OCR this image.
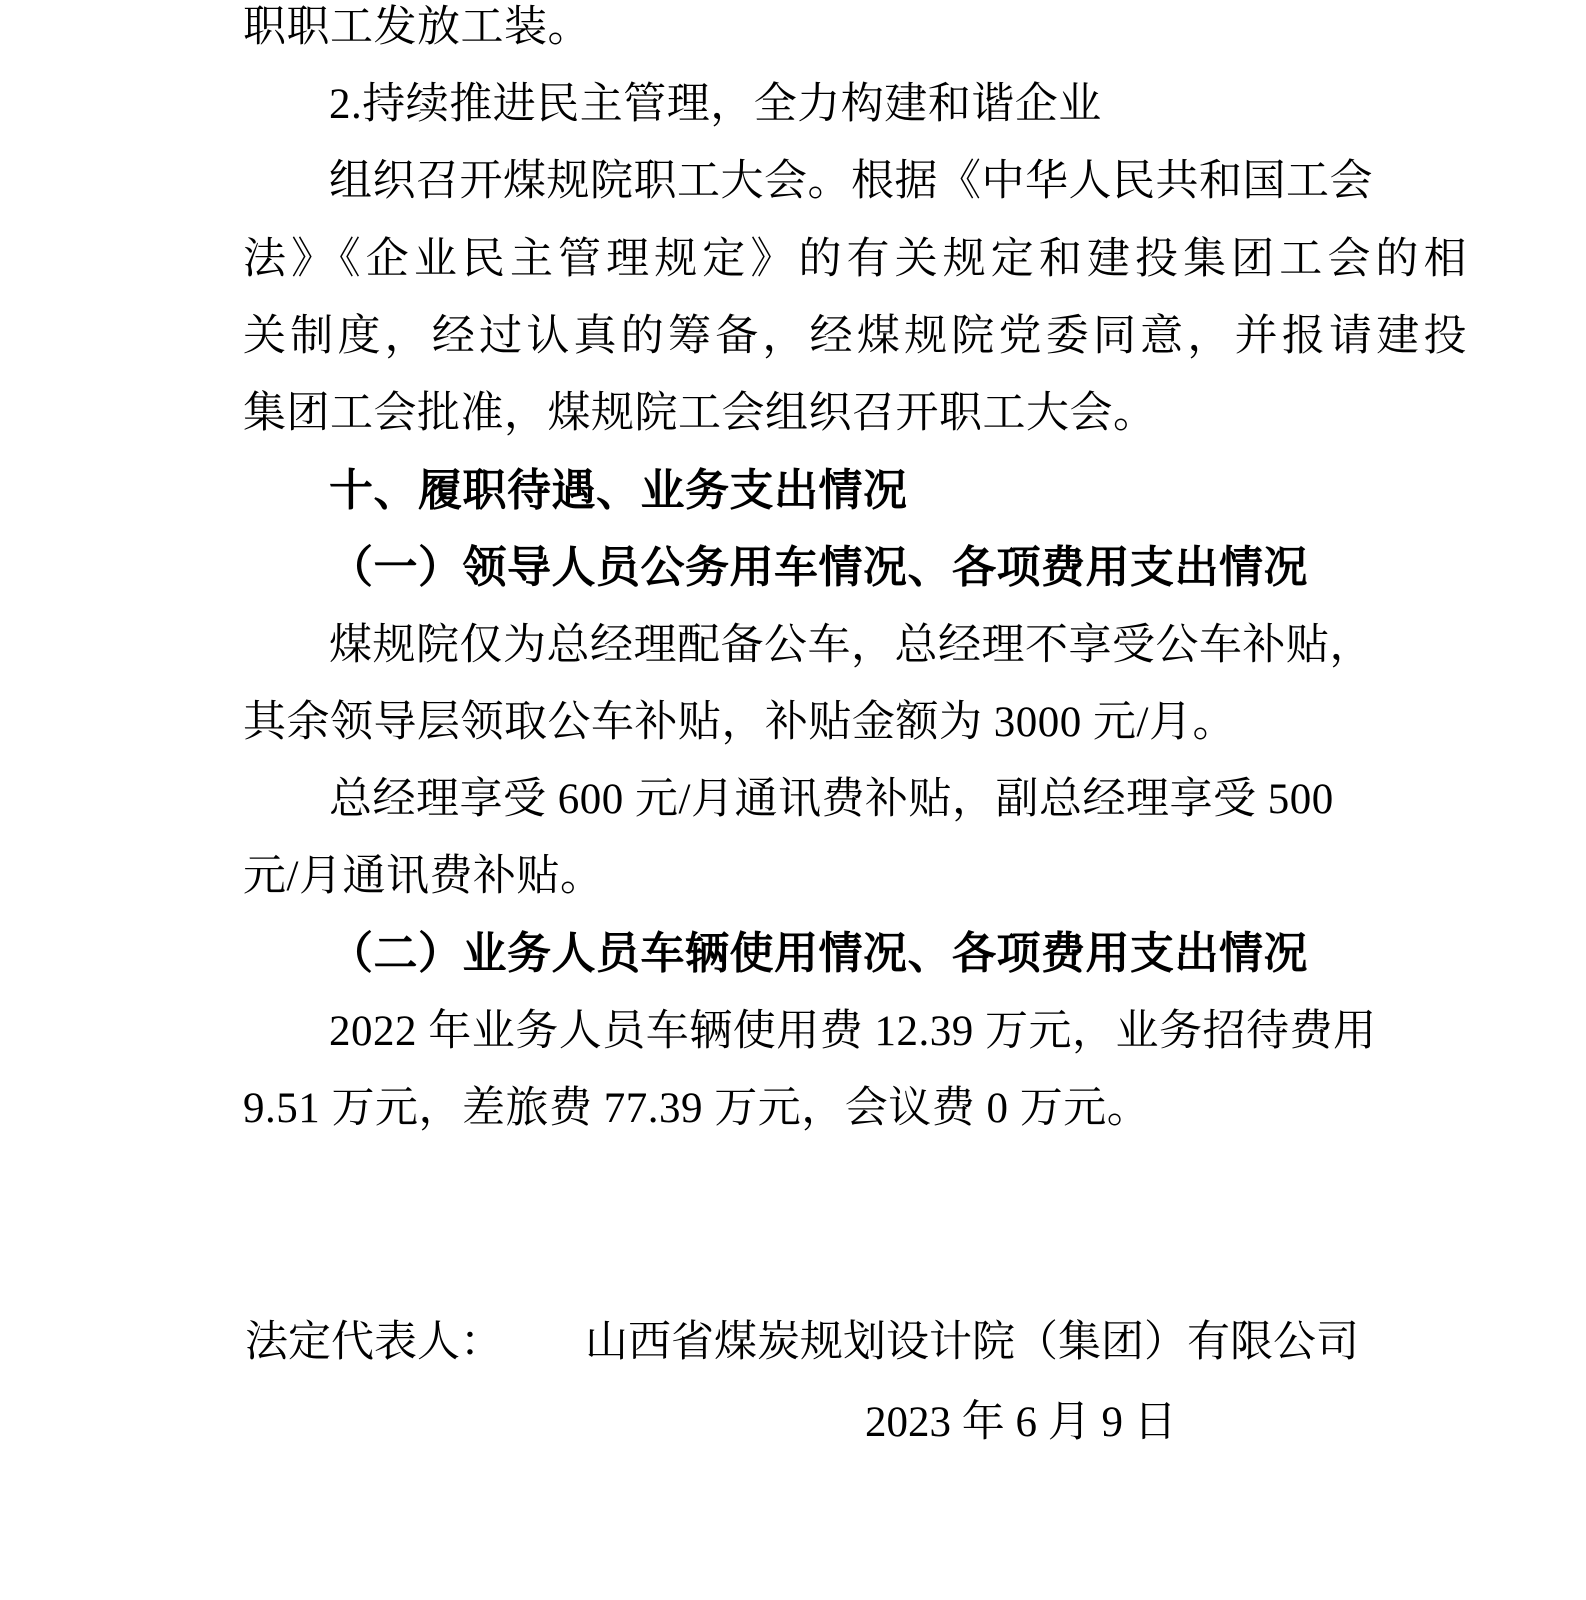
职职工发放工装。
2.持续推进民主管理，全力构建和谐企业
组织召开煤规院职工大会。根据《中华人民共和国工会
法》《企业民主管理规定》的有关规定和建投集团工会的相
关制度，经过认真的筹备，经煤规院党委同意，并报请建投
集团工会批准，煤规院工会组织召开职工大会。
十、履职待遇、业务支出情况
（一）领导人员公务用车情况、各项费用支出情况
煤规院仅为总经理配备公车，总经理不享受公车补贴，
其余领导层领取公车补贴，补贴金额为 3000 元/月。
总经理享受 600 元/月通讯费补贴，副总经理享受 500
元/月通讯费补贴。
（二）业务人员车辆使用情况、各项费用支出情况
2022 年业务人员车辆使用费 12.39 万元，业务招待费用
9.51 万元，差旅费 77.39 万元，会议费 0 万元。
法定代表人： 山西省煤炭规划设计院（集团）有限公司
2023 年 6 月 9 日
